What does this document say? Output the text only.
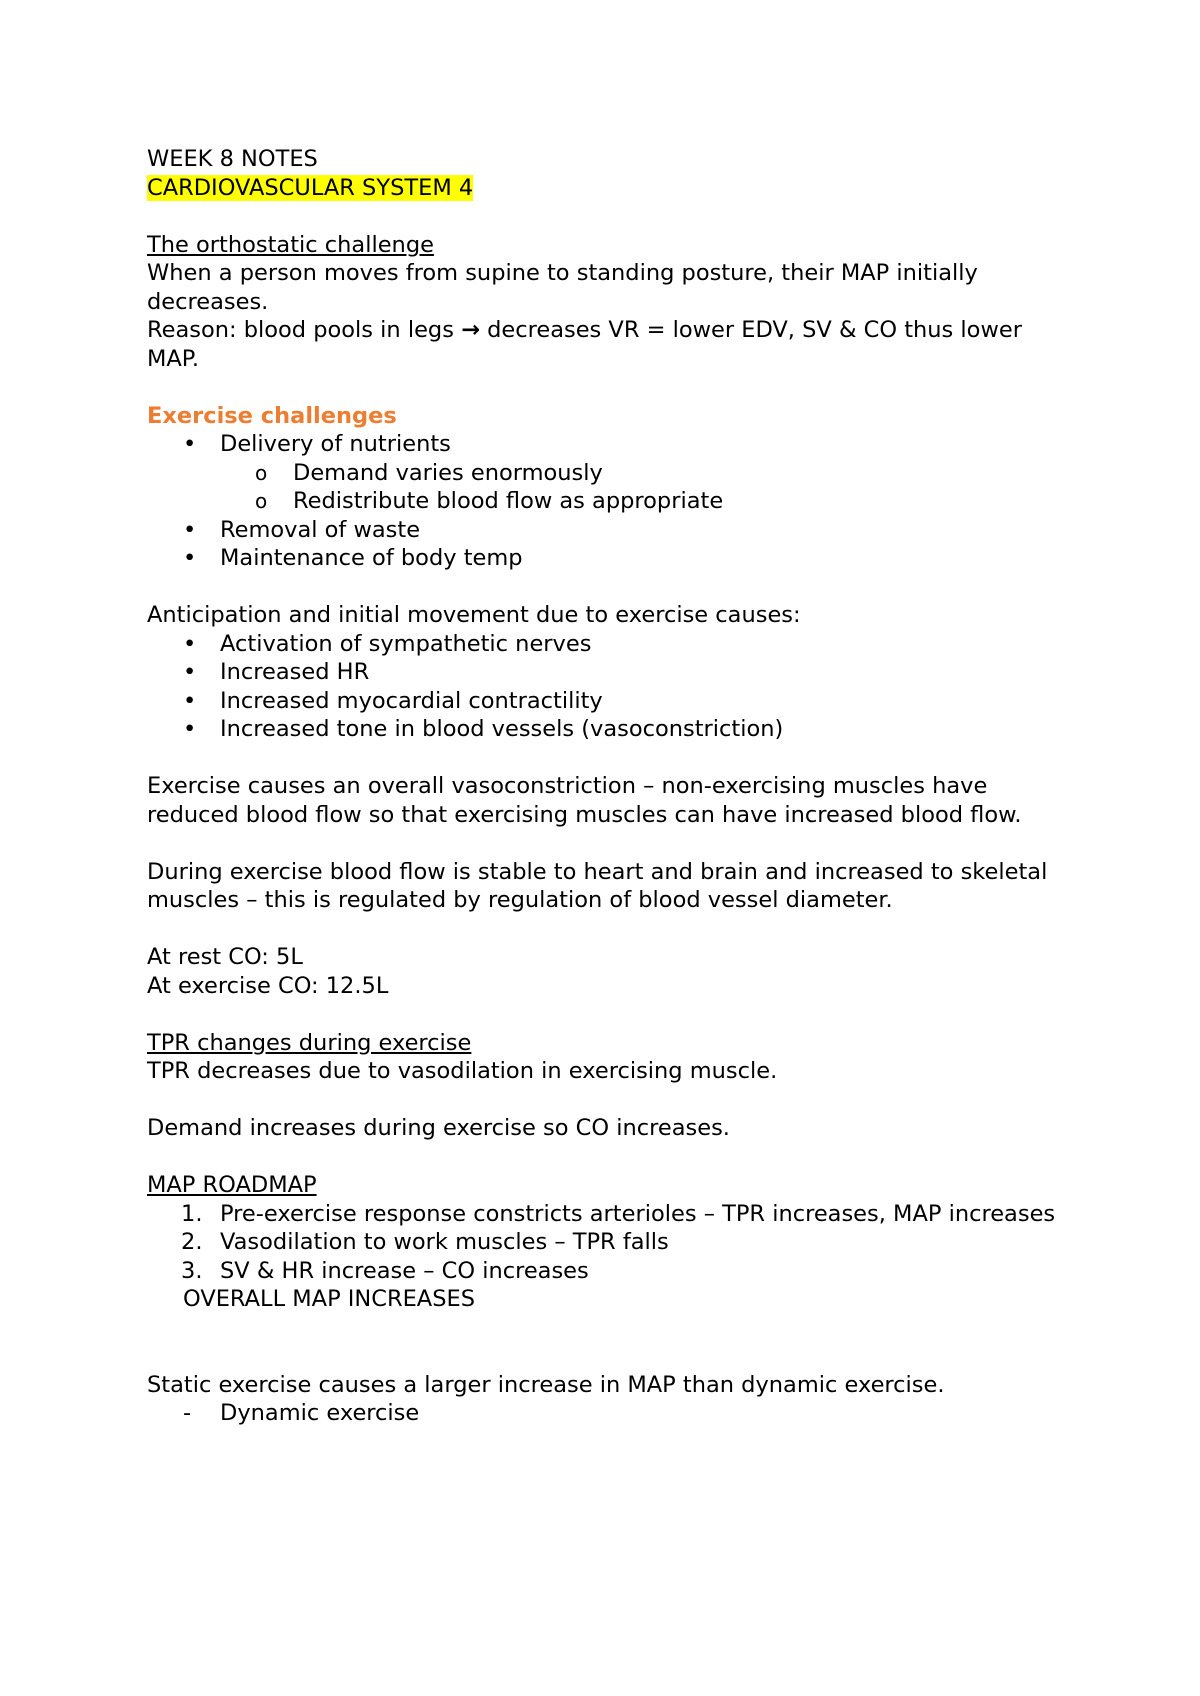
WEEK 8 NOTES

CARDIOVASCULAR SYSTEM 4

The orthostatic challenge

When a person moves from supine to standing posture, their MAP initially decreases.

Reason: blood pools in legs → decreases VR = lower EDV, SV & CO thus lower MAP.

Exercise challenges

•	Delivery of nutrients
o	Demand varies enormously
o	Redistribute blood flow as appropriate
•	Removal of waste
•	Maintenance of body temp

Anticipation and initial movement due to exercise causes:

•	Activation of sympathetic nerves
•	Increased HR
•	Increased myocardial contractility
•	Increased tone in blood vessels (vasoconstriction)

Exercise causes an overall vasoconstriction – non-exercising muscles have reduced blood flow so that exercising muscles can have increased blood flow.

During exercise blood flow is stable to heart and brain and increased to skeletal muscles – this is regulated by regulation of blood vessel diameter.

At rest CO: 5L

At exercise CO: 12.5L

TPR changes during exercise

TPR decreases due to vasodilation in exercising muscle.

Demand increases during exercise so CO increases.

MAP ROADMAP

1. Pre-exercise response constricts arterioles – TPR increases, MAP increases
2. Vasodilation to work muscles – TPR falls
3. SV & HR increase – CO increases

OVERALL MAP INCREASES

Static exercise causes a larger increase in MAP than dynamic exercise.

-	Dynamic exercise
